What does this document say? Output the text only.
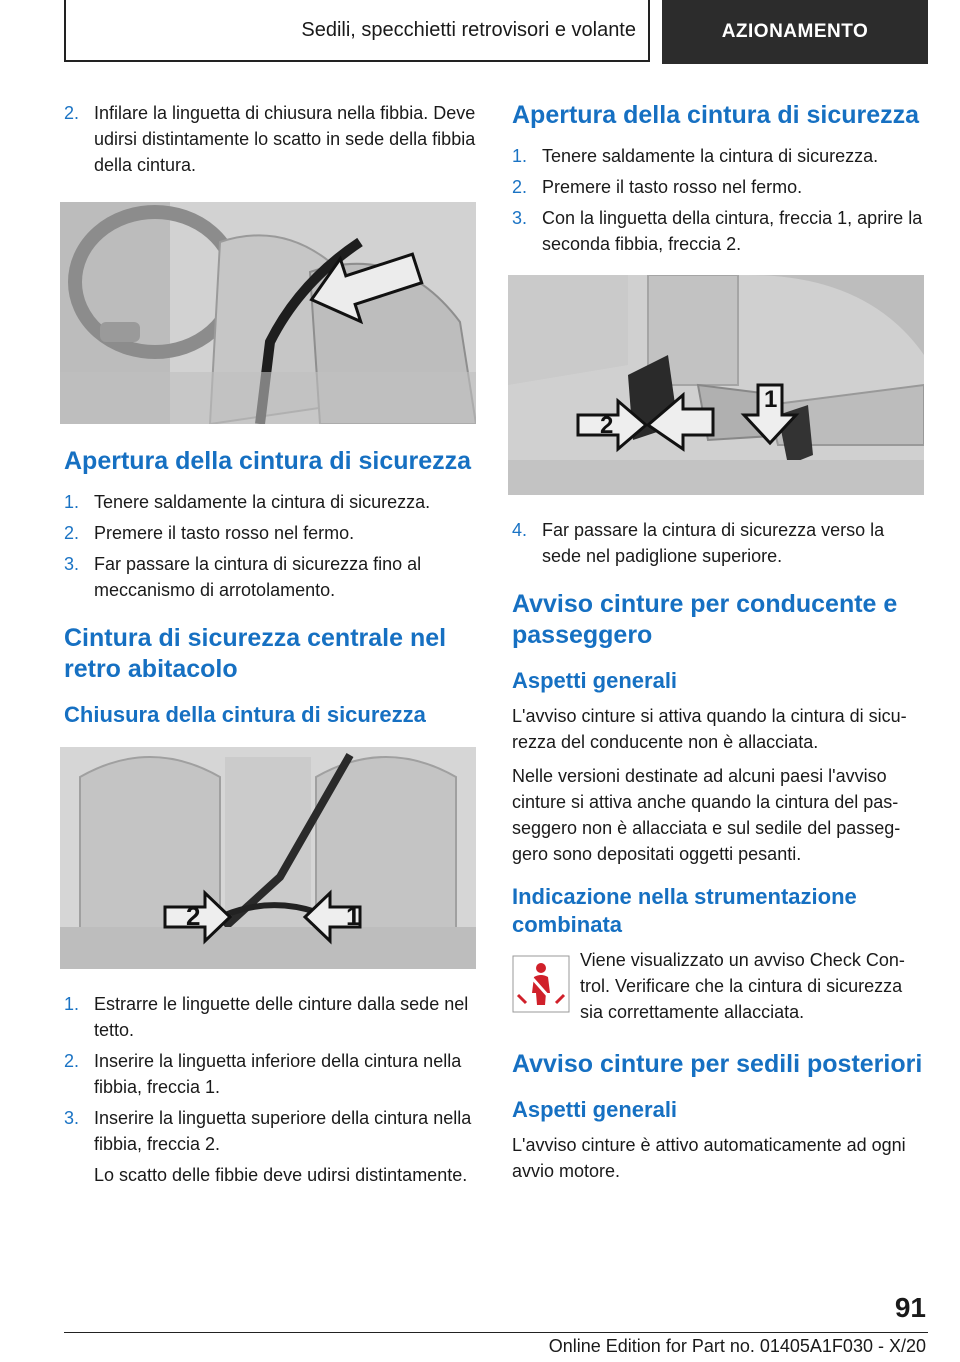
Sedili, specchietti retrovisori e volante	AZIONAMENTO
2. Infilare la linguetta di chiusura nella fibbia. Deve udirsi distintamente lo scatto in sede della fibbia della cintura.
Apertura della cintura di sicurezza
1. Tenere saldamente la cintura di sicurezza.
2. Premere il tasto rosso nel fermo.
3. Far passare la cintura di sicurezza fino al meccanismo di arrotolamento.
Cintura di sicurezza centrale nel retro abitacolo
Chiusura della cintura di sicurezza
2	1
1. Estrarre le linguette delle cinture dalla sede nel tetto.
2. Inserire la linguetta inferiore della cintura nella fibbia, freccia 1.
3. Inserire la linguetta superiore della cintura nella fibbia, freccia 2.
Lo scatto delle fibbie deve udirsi distintamente.
Apertura della cintura di sicurezza
1. Tenere saldamente la cintura di sicurezza.
2. Premere il tasto rosso nel fermo.
3. Con la linguetta della cintura, freccia 1, aprire la seconda fibbia, freccia 2.
2
1
4. Far passare la cintura di sicurezza verso la sede nel padiglione superiore.
Avviso cinture per conducente e passeggero
Aspetti generali

L'avviso cinture si attiva quando la cintura di sicurezza del conducente non è allacciata.

Nelle versioni destinate ad alcuni paesi l'avviso cinture si attiva anche quando la cintura del passeggero non è allacciata e sul sedile del passeggero sono depositati oggetti pesanti.

Indicazione nella strumentazione combinata

Viene visualizzato un avviso Check Control. Verificare che la cintura di sicurezza sia correttamente allacciata.

Avviso cinture per sedili posteriori
Aspetti generali

L'avviso cinture è attivo automaticamente ad ogni avvio motore.

91
Online Edition for Part no. 01405A1F030 - X/20
